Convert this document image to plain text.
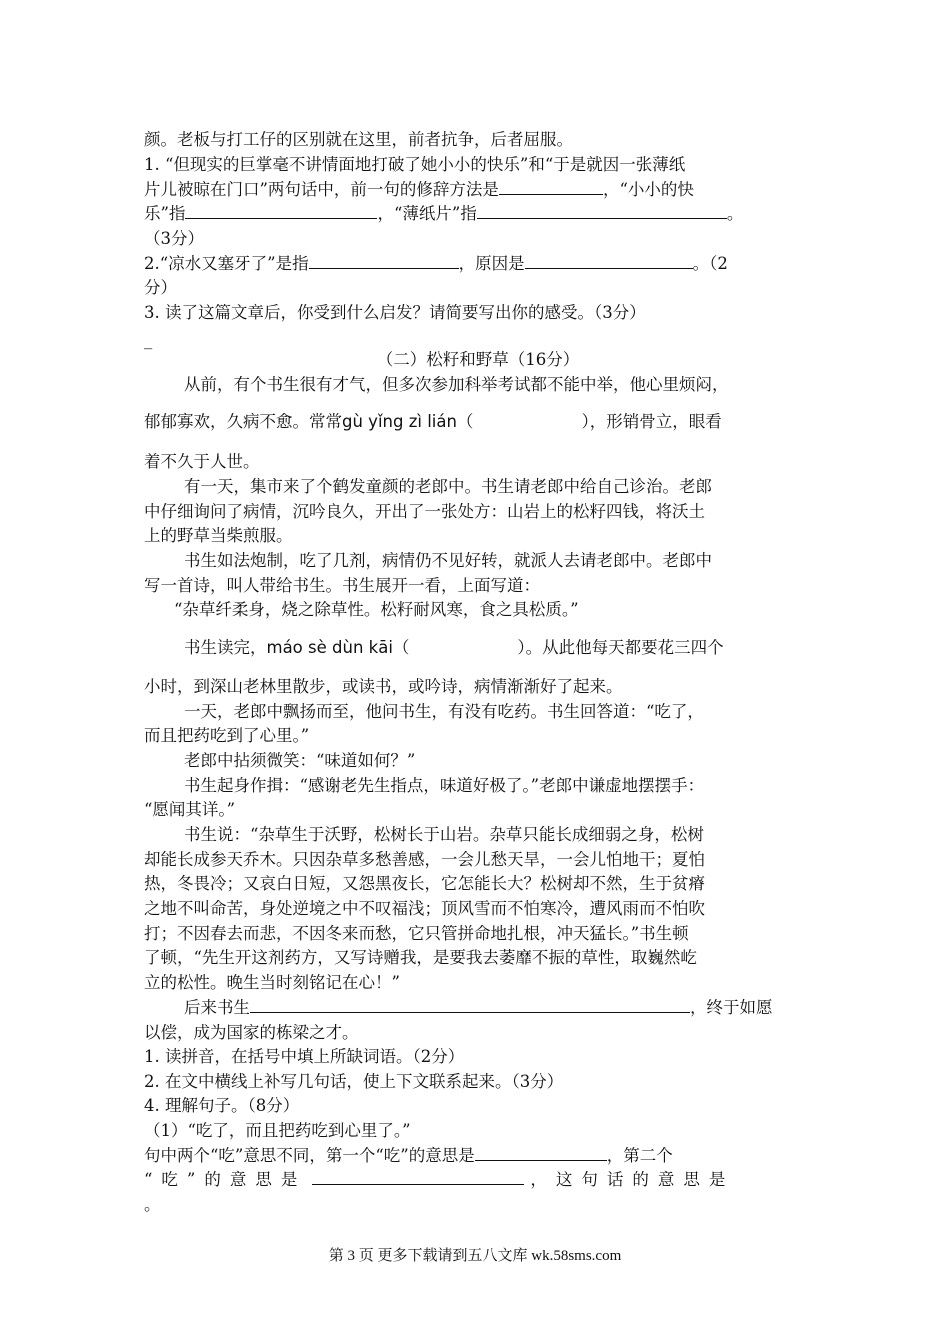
颜。老板与打工仔的区别就在这里，前者抗争，后者屈服。
1. “但现实的巨掌毫不讲情面地打破了她小小的快乐”和“于是就因一张薄纸
片儿被晾在门口”两句话中，前一句的修辞方法是	，“小小的快
乐”指	，“薄纸片”指	。
（3分）
2.“凉水又塞牙了”是指	，原因是	。（2
分）
3. 读了这篇文章后，你受到什么启发？请简要写出你的感受。（3分）
_
（二）松籽和野草（16分）
从前，有个书生很有才气，但多次参加科举考试都不能中举，他心里烦闷，
郁郁寡欢，久病不愈。常常gù yǐng zì lián（	），形销骨立，眼看
着不久于人世。
有一天，集市来了个鹤发童颜的老郎中。书生请老郎中给自己诊治。老郎
中仔细询问了病情，沉吟良久，开出了一张处方：山岩上的松籽四钱，将沃土
上的野草当柴煎服。
书生如法炮制，吃了几剂，病情仍不见好转，就派人去请老郎中。老郎中
写一首诗，叫人带给书生。书生展开一看，上面写道：
“杂草纤柔身，烧之除草性。松籽耐风寒，食之具松质。”
书生读完，máo sè dùn kāi（	）。从此他每天都要花三四个
小时，到深山老林里散步，或读书，或吟诗，病情渐渐好了起来。
一天，老郎中飘扬而至，他问书生，有没有吃药。书生回答道：“吃了，
而且把药吃到了心里。”
老郎中拈须微笑：“味道如何？”
书生起身作揖：“感谢老先生指点，味道好极了。”老郎中谦虚地摆摆手：
“愿闻其详。”
书生说：“杂草生于沃野，松树长于山岩。杂草只能长成细弱之身，松树
却能长成参天乔木。只因杂草多愁善感，一会儿愁天旱，一会儿怕地干；夏怕
热，冬畏冷；又哀白日短，又怨黑夜长，它怎能长大？松树却不然，生于贫瘠
之地不叫命苦，身处逆境之中不叹福浅；顶风雪而不怕寒冷，遭风雨而不怕吹
打；不因春去而悲，不因冬来而愁，它只管拼命地扎根，冲天猛长。”书生顿
了顿，“先生开这剂药方，又写诗赠我，是要我去萎靡不振的草性，取巍然屹
立的松性。晚生当时刻铭记在心！”
后来书生	，终于如愿
以偿，成为国家的栋梁之才。
1. 读拼音，在括号中填上所缺词语。（2分）
2. 在文中横线上补写几句话，使上下文联系起来。（3分）
4. 理解句子。（8分）
（1）“吃了，而且把药吃到心里了。”
句中两个“吃”意思不同，第一个“吃”的意思是	，第二个
“吃”的意思是	，这句话的意思是
。
第 3 页 更多下载请到五八文库 wk.58sms.com
